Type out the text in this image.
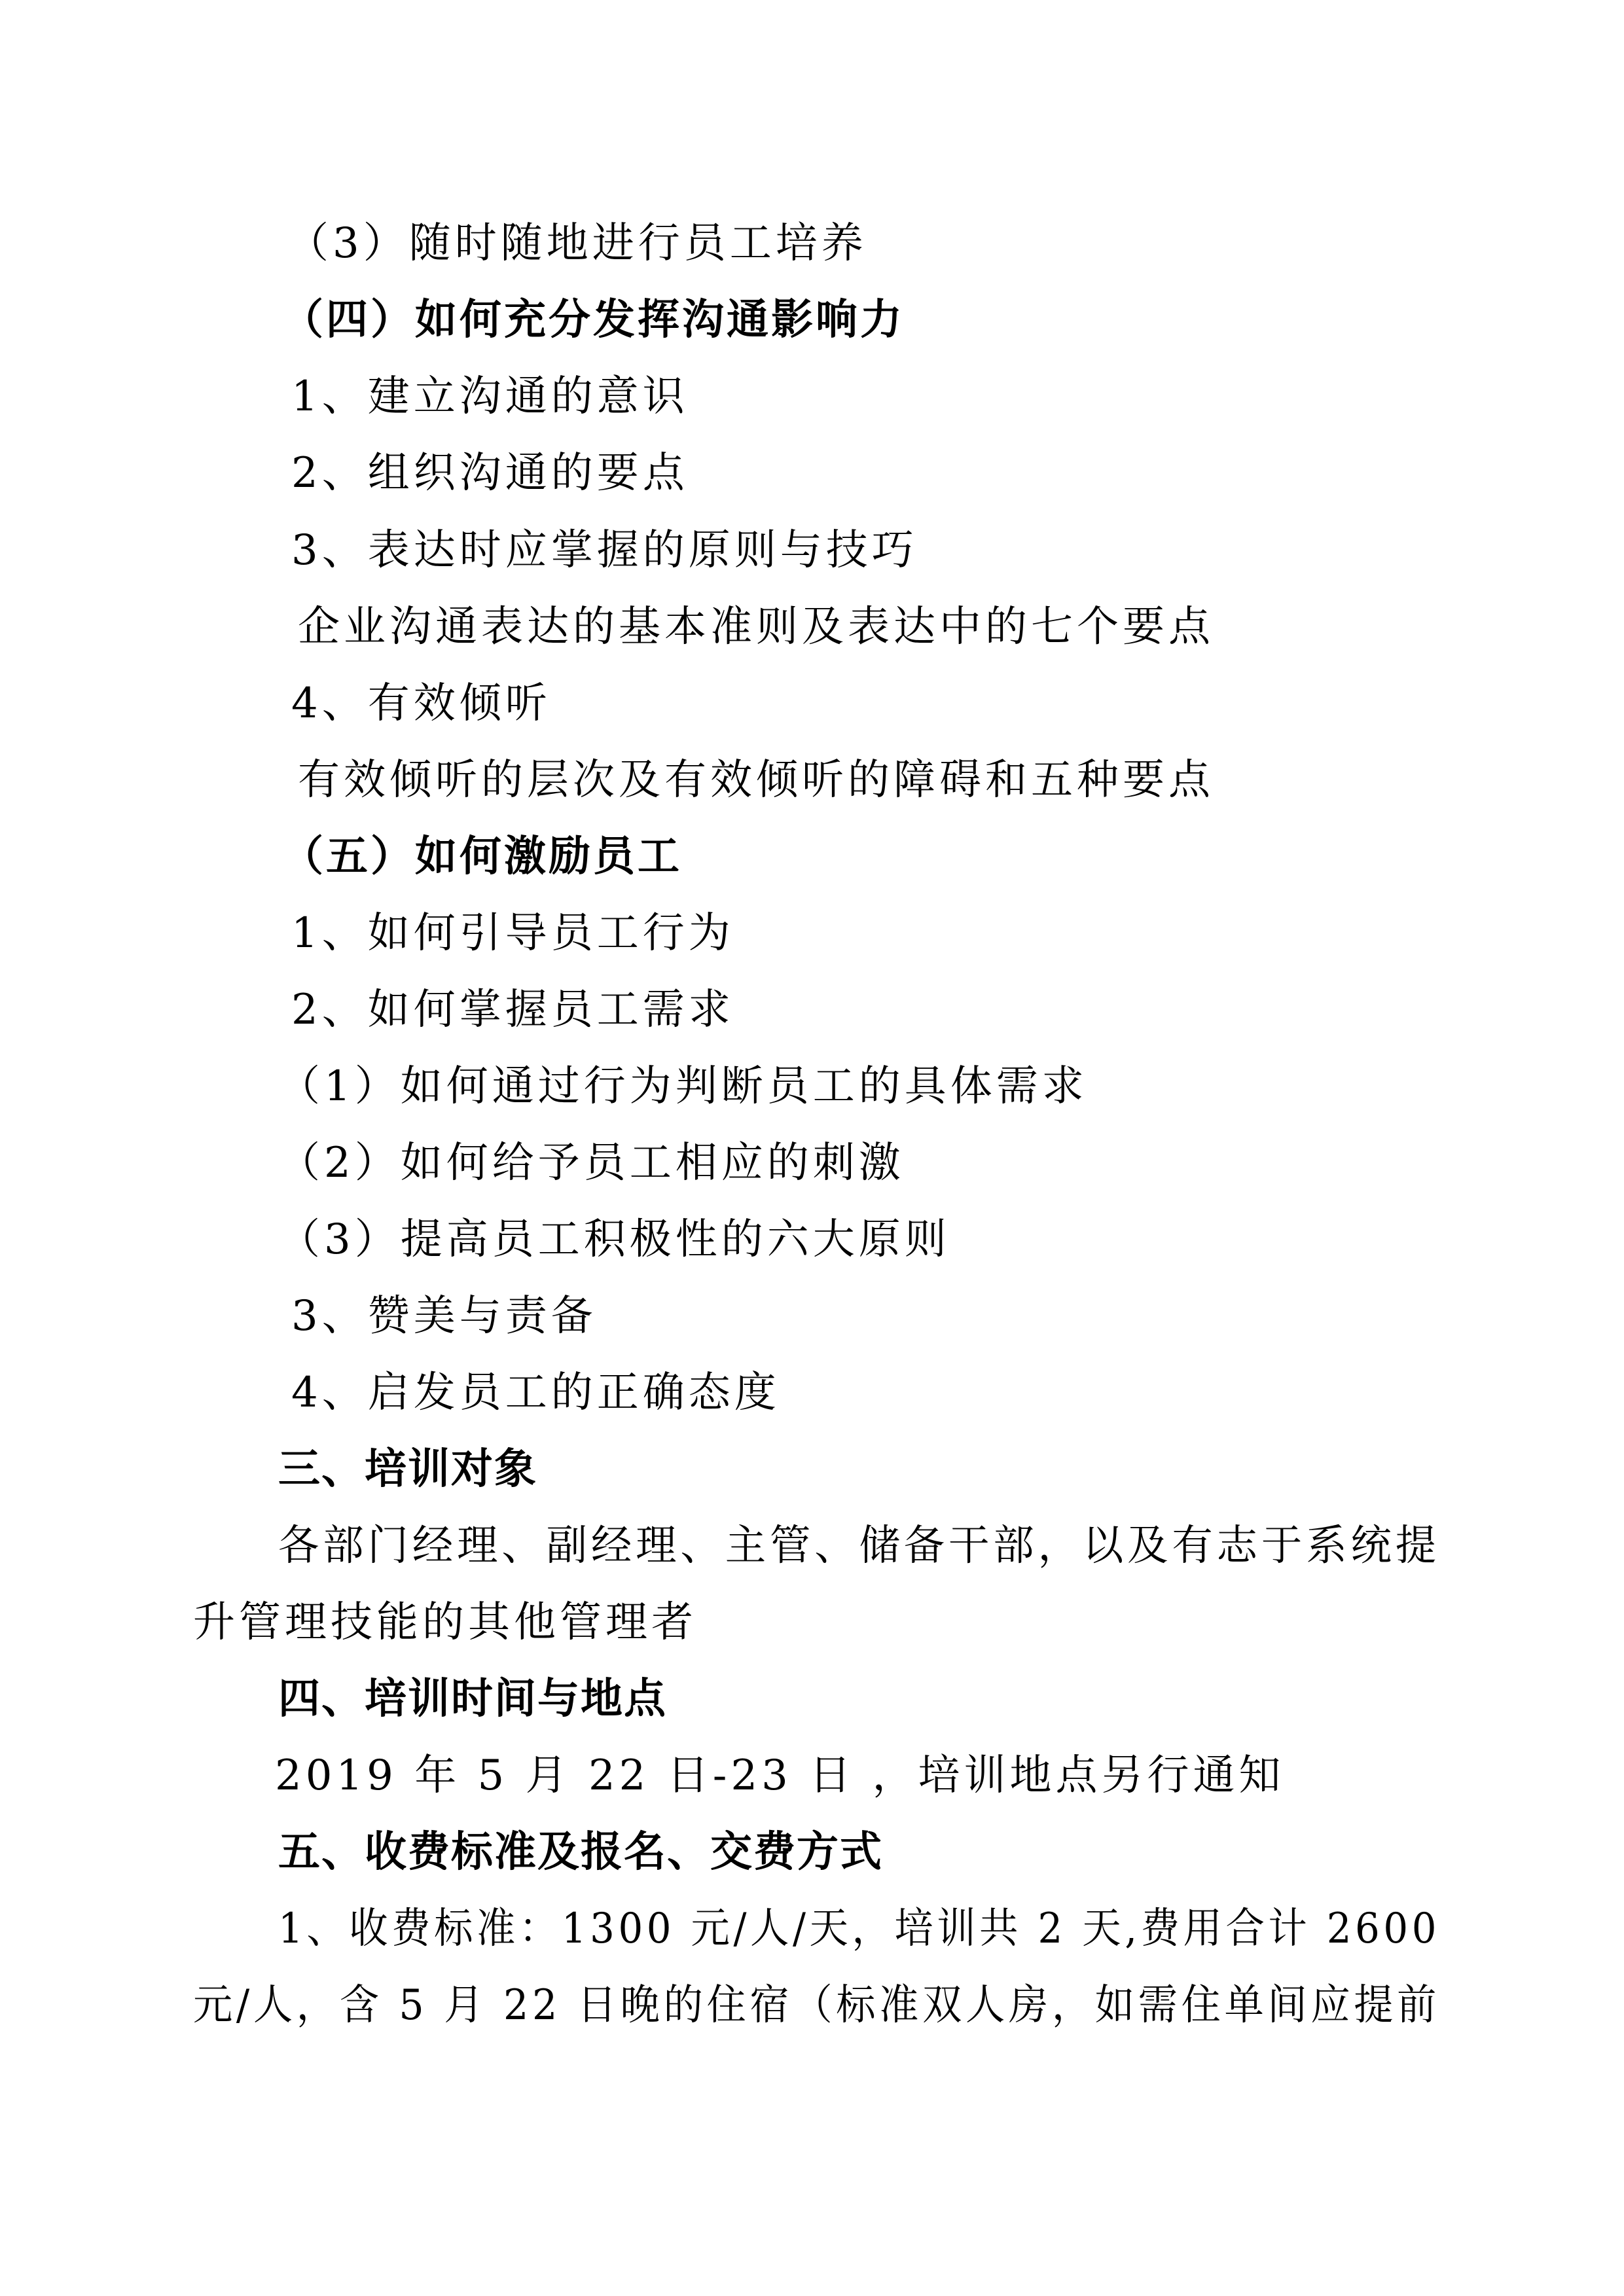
（3）随时随地进行员工培养
（四）如何充分发挥沟通影响力
1、建立沟通的意识
2、组织沟通的要点
3、表达时应掌握的原则与技巧
企业沟通表达的基本准则及表达中的七个要点
4、有效倾听
有效倾听的层次及有效倾听的障碍和五种要点
（五）如何激励员工
1、如何引导员工行为
2、如何掌握员工需求
（1）如何通过行为判断员工的具体需求
（2）如何给予员工相应的刺激
（3）提高员工积极性的六大原则
3、赞美与责备
4、启发员工的正确态度
三、培训对象
各部门经理、副经理、主管、储备干部，以及有志于系统提
升管理技能的其他管理者
四、培训时间与地点
2019 年 5 月 22 日-23 日 ，培训地点另行通知
五、收费标准及报名、交费方式
1、收费标准：1300 元/人/天，培训共 2 天,费用合计 2600
元/人，含 5 月 22 日晚的住宿（标准双人房，如需住单间应提前
